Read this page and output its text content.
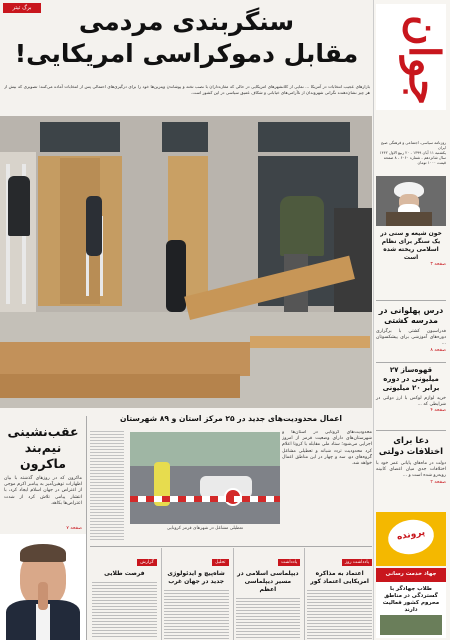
جوان
روزنامه سیاسی، اجتماعی و فرهنگی صبح ایران
یکشنبه ۱۱ آبان ۱۳۹۹ - ۲۰ ربیع الاول ۱۴۴۲
سال شانزدهم - شماره ۶۰۶۰ - ۸ صفحه
قیمت ۱۰۰۰ تومان
خون شیعه و سنی در یک سنگر برای نظام اسلامی ریخته شده است
صفحه ۳
درس پهلوانی در مدرسه کشتی
فدراسیون کشتی با برگزاری دوره‌های آموزشی برای پیشکسوتان ...
صفحه ۸
قهوه‌ساز ۲۷ میلیونی در دوره برابر ۲۰ میلیونی
خرید لوازم لوکس با ارز دولتی در شرایطی که ...
صفحه ۴
دعا برای اختلافات دولتی
دولت در ماه‌های پایانی عمر خود با اختلافات جدی میان اعضای کابینه روبه‌رو شده است و ...
صفحه ۲
پرونده
جهاد خدمت رسانی
طلاب جهادگر با گستردگی در مناطق محروم کشور فعالیت دارند
برگ تیتر	سنگربندی مردمی
مقابل دموکراسی امریکایی!
بازارهای عجیب انتخابات در آمریکا ... نمایی از کلانشهرهای امریکایی در حالی که مغازه‌داران با نصب تخته و پوشاندن ویترین‌ها خود را برای درگیری‌های احتمالی پس از انتخابات آماده می‌کنند؛ تصویری که بیش از هر چیز نشان‌دهنده نگرانی شهروندان از ناآرامی‌های خیابانی و شکاف عمیق سیاسی در این کشور است.
عقب‌نشینی نیم‌بند ماکرون
ماکرون که در روزهای گذشته با بیان اظهارات توهین‌آمیز به پیامبر اکرم موجی از اعتراض در جهان اسلام ایجاد کرد، با انتشار پیامی تلاش کرد از شدت اعتراض‌ها بکاهد.
صفحه ۷
اعمال محدودیت‌های جدید در ۲۵ مرکز استان و ۸۹ شهرستان
محدودیت‌های کرونایی در استان‌ها و شهرستان‌های دارای وضعیت قرمز از امروز اجرایی می‌شود؛ ستاد ملی مقابله با کرونا اعلام کرد محدودیت تردد شبانه و تعطیلی مشاغل گروه‌های دو، سه و چهار در این مناطق اعمال خواهد شد.
تعطیلی مشاغل در شهرهای قرمز کرونایی
یادداشت روز
اعتماد به مذاکره امریکایی اعتماد کور
یادداشت
دیپلماسی اسلامی در مسیر دیپلماسی اعظم
تحلیل
شاه‌پیچ و ایدئولوژی جدید در جهان غرب
گزارش
فرصت طلایی
